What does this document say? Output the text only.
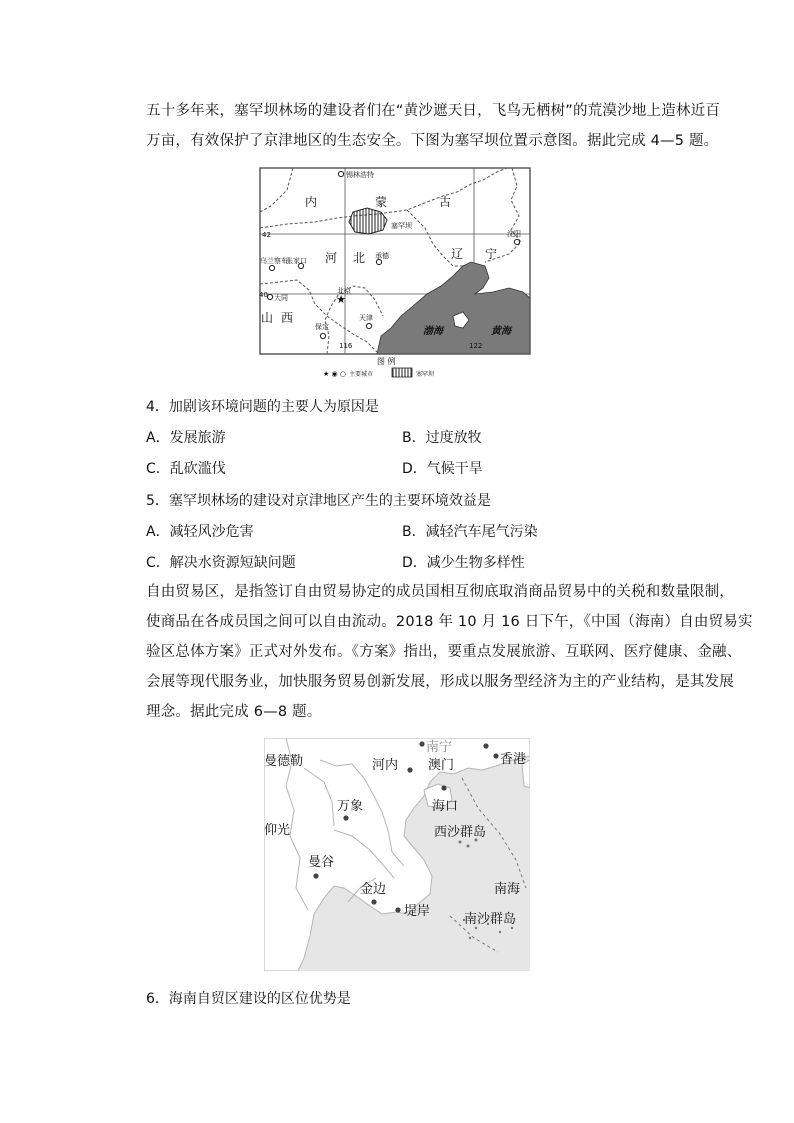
五十多年来，塞罕坝林场的建设者们在“黄沙遮天日，飞鸟无栖树”的荒漠沙地上造林近百
万亩，有效保护了京津地区的生态安全。下图为塞罕坝位置示意图。据此完成 4—5 题。
★
锡林浩特
塞罕坝
42	沈阳
乌兰察布
张家口
承德
40 大同
北京
保定
天津
116	122
内	蒙	古
辽 宁
河 北
山 西
渤海	黄海
图 例
★ ◉ ○ 主要城市	塞罕坝
4．加剧该环境问题的主要人为原因是
A．发展旅游	B．过度放牧
C．乱砍滥伐	D．气候干旱
5．塞罕坝林场的建设对京津地区产生的主要环境效益是
A．减轻风沙危害	B．减轻汽车尾气污染
C．解决水资源短缺问题	D．减少生物多样性
自由贸易区，是指签订自由贸易协定的成员国相互彻底取消商品贸易中的关税和数量限制，
使商品在各成员国之间可以自由流动。2018 年 10 月 16 日下午，《中国（海南）自由贸易实
验区总体方案》正式对外发布。《方案》指出，要重点发展旅游、互联网、医疗健康、金融、
会展等现代服务业，加快服务贸易创新发展，形成以服务型经济为主的产业结构，是其发展
理念。据此完成 6—8 题。
南宁
曼德勒	河内 澳门	香港
万象	海口
仰光	西沙群岛
曼谷
金边	南海
堤岸
南沙群岛
6．海南自贸区建设的区位优势是
